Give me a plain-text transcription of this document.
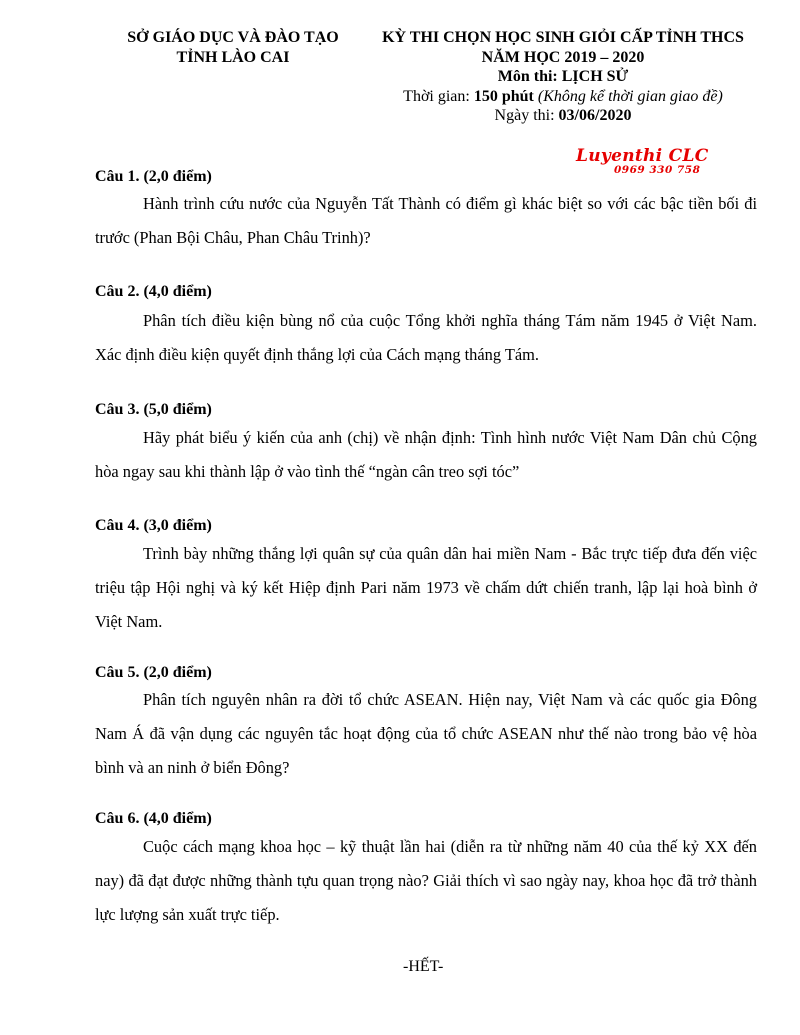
SỞ GIÁO DỤC VÀ ĐÀO TẠO
TỈNH LÀO CAI
KỲ THI CHỌN HỌC SINH GIỎI CẤP TỈNH THCS
NĂM HỌC 2019 – 2020
Môn thi: LỊCH SỬ
Thời gian: 150 phút (Không kể thời gian giao đề)
Ngày thi: 03/06/2020
Luyenthi CLC
0969 330 758
Câu 1. (2,0 điểm)
Hành trình cứu nước của Nguyễn Tất Thành có điểm gì khác biệt so với các bậc tiền bối đi trước (Phan Bội Châu, Phan Châu Trinh)?
Câu 2. (4,0 điểm)
Phân tích điều kiện bùng nổ của cuộc Tổng khởi nghĩa tháng Tám năm 1945 ở Việt Nam. Xác định điều kiện quyết định thắng lợi của Cách mạng tháng Tám.
Câu 3. (5,0 điểm)
Hãy phát biểu ý kiến của anh (chị) về nhận định: Tình hình nước Việt Nam Dân chủ Cộng hòa ngay sau khi thành lập ở vào tình thế “ngàn cân treo sợi tóc”
Câu 4. (3,0 điểm)
Trình bày những thắng lợi quân sự của quân dân hai miền Nam - Bắc trực tiếp đưa đến việc triệu tập Hội nghị và ký kết Hiệp định Pari năm 1973 về chấm dứt chiến tranh, lập lại hoà bình ở Việt Nam.
Câu 5. (2,0 điểm)
Phân tích nguyên nhân ra đời tổ chức ASEAN. Hiện nay, Việt Nam và các quốc gia Đông Nam Á đã vận dụng các nguyên tắc hoạt động của tổ chức ASEAN như thế nào trong bảo vệ hòa bình và an ninh ở biển Đông?
Câu 6. (4,0 điểm)
Cuộc cách mạng khoa học – kỹ thuật lần hai (diễn ra từ những năm 40 của thế kỷ XX đến nay) đã đạt được những thành tựu quan trọng nào? Giải thích vì sao ngày nay, khoa học đã trở thành lực lượng sản xuất trực tiếp.
-HẾT-
